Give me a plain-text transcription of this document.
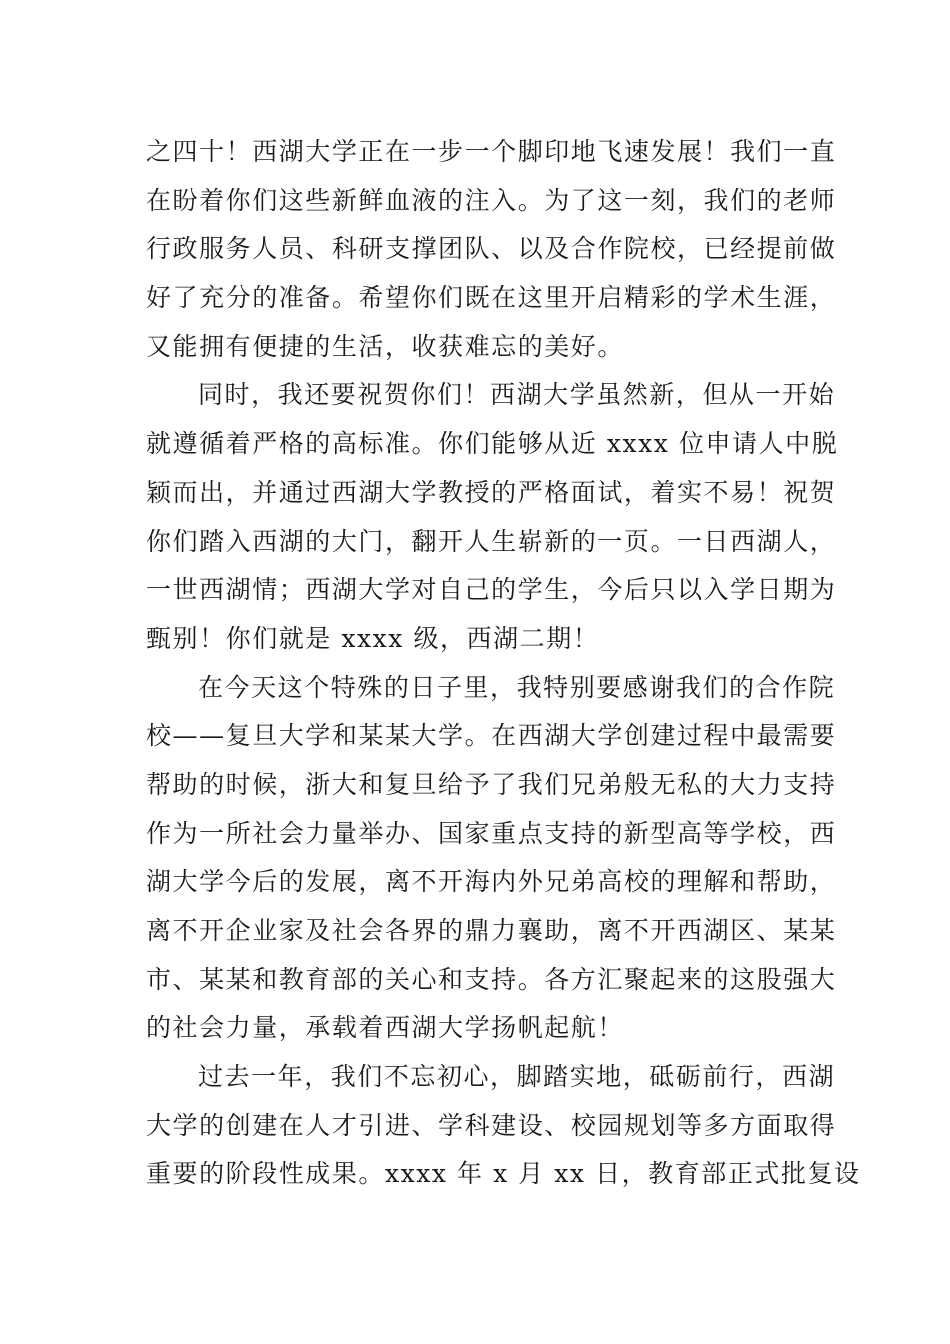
之四十！西湖大学正在一步一个脚印地飞速发展！我们一直
在盼着你们这些新鲜血液的注入。为了这一刻，我们的老师
行政服务人员、科研支撑团队、以及合作院校，已经提前做
好了充分的准备。希望你们既在这里开启精彩的学术生涯，
又能拥有便捷的生活，收获难忘的美好。
同时，我还要祝贺你们！西湖大学虽然新，但从一开始
就遵循着严格的高标准。你们能够从近 xxxx 位申请人中脱
颖而出，并通过西湖大学教授的严格面试，着实不易！祝贺
你们踏入西湖的大门，翻开人生崭新的一页。一日西湖人，
一世西湖情；西湖大学对自己的学生，今后只以入学日期为
甄别！你们就是 xxxx 级，西湖二期！
在今天这个特殊的日子里，我特别要感谢我们的合作院
校——复旦大学和某某大学。在西湖大学创建过程中最需要
帮助的时候，浙大和复旦给予了我们兄弟般无私的大力支持
作为一所社会力量举办、国家重点支持的新型高等学校，西
湖大学今后的发展，离不开海内外兄弟高校的理解和帮助，
离不开企业家及社会各界的鼎力襄助，离不开西湖区、某某
市、某某和教育部的关心和支持。各方汇聚起来的这股强大
的社会力量，承载着西湖大学扬帆起航！
过去一年，我们不忘初心，脚踏实地，砥砺前行，西湖
大学的创建在人才引进、学科建设、校园规划等多方面取得
重要的阶段性成果。xxxx 年 x 月 xx 日，教育部正式批复设
